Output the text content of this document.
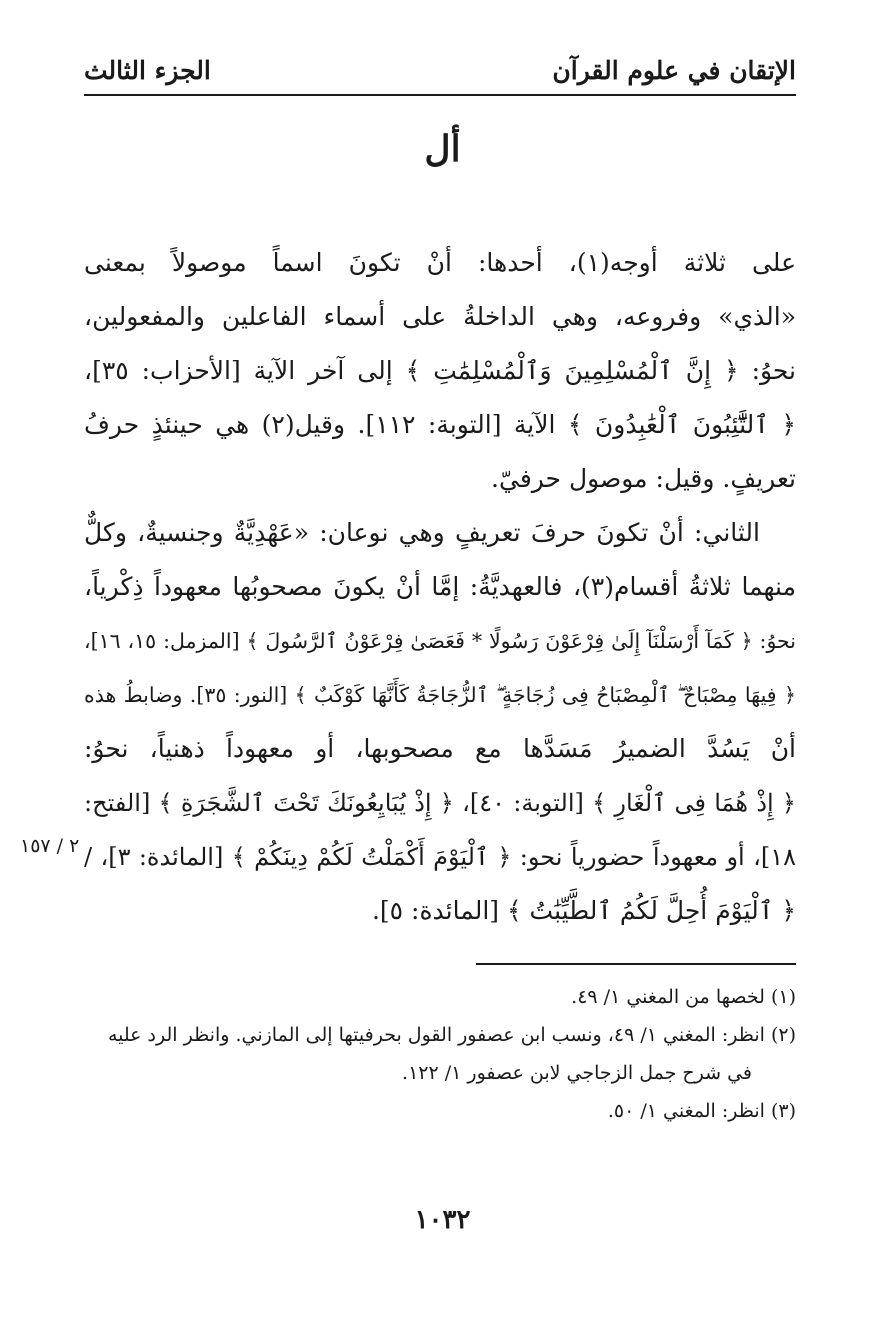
الإتقان في علوم القرآن
الجزء الثالث
أل
على ثلاثة أوجه(١)، أحدها: أنْ تكونَ اسماً موصولاً بمعنى
«الذي» وفروعه، وهي الداخلةُ على أسماء الفاعلين والمفعولين،
نحوُ: ﴿ إِنَّ ٱلْمُسْلِمِينَ وَٱلْمُسْلِمَٰتِ ﴾ إلى آخر الآية [الأحزاب: ٣٥]،
﴿ ٱلتَّٰٓئِبُونَ ٱلْعَٰبِدُونَ ﴾ الآية [التوبة: ١١٢]. وقيل(٢) هي حينئذٍ حرفُ
تعريفٍ. وقيل: موصول حرفيّ.
الثاني: أنْ تكونَ حرفَ تعريفٍ وهي نوعان: «عَهْدِيَّةٌ وجنسيةٌ، وكلٌّ
منهما ثلاثةُ أقسام(٣)، فالعهديَّةُ: إمَّا أنْ يكونَ مصحوبُها معهوداً ذِكْرياً،
نحوُ: ﴿ كَمَآ أَرْسَلْنَآ إِلَىٰ فِرْعَوْنَ رَسُولًا * فَعَصَىٰ فِرْعَوْنُ ٱلرَّسُولَ ﴾ [المزمل: ١٥، ١٦]،
﴿ فِيهَا مِصْبَاحٌ ۖ ٱلْمِصْبَاحُ فِى زُجَاجَةٍ ۖ ٱلزُّجَاجَةُ كَأَنَّهَا كَوْكَبٌ ﴾ [النور: ٣٥]. وضابطُ هذه
أنْ يَسُدَّ الضميرُ مَسَدَّها مع مصحوبها، أو معهوداً ذهنياً، نحوُ:
﴿ إِذْ هُمَا فِى ٱلْغَارِ ﴾ [التوبة: ٤٠]، ﴿ إِذْ يُبَايِعُونَكَ تَحْتَ ٱلشَّجَرَةِ ﴾ [الفتح:
١٨]، أو معهوداً حضورياً نحو: ﴿ ٱلْيَوْمَ أَكْمَلْتُ لَكُمْ دِينَكُمْ ﴾ [المائدة: ٣]، /
﴿ ٱلْيَوْمَ أُحِلَّ لَكُمُ ٱلطَّيِّبَٰتُ ﴾ [المائدة: ٥].
٢ / ١٥٧
(١) لخصها من المغني ١/ ٤٩.
(٢) انظر: المغني ١/ ٤٩، ونسب ابن عصفور القول بحرفيتها إلى المازني. وانظر الرد عليه
في شرح جمل الزجاجي لابن عصفور ١/ ١٢٢.
(٣) انظر: المغني ١/ ٥٠.
١٠٣٢
